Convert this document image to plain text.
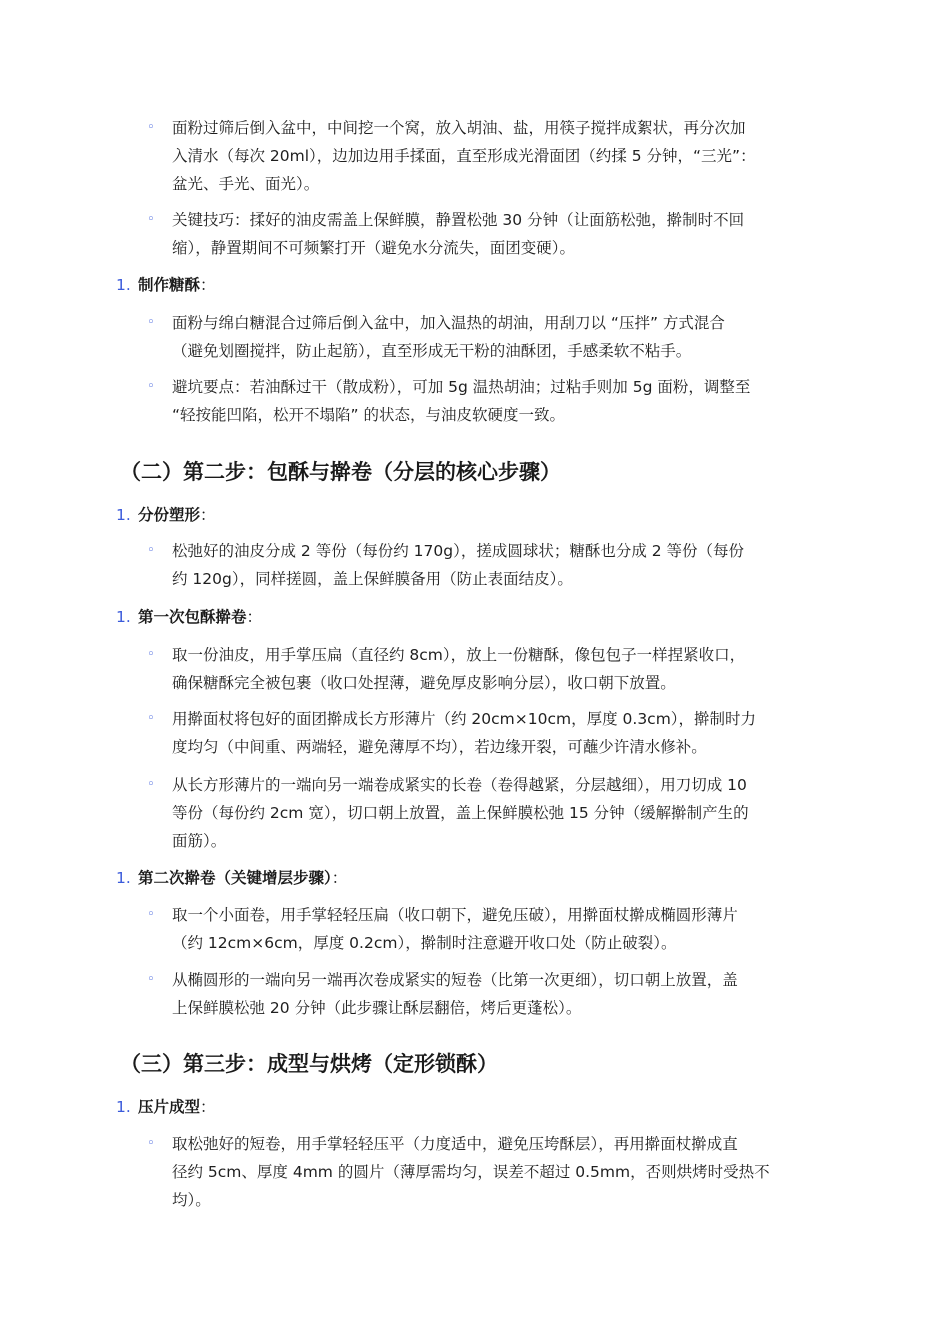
◦	面粉过筛后倒入盆中，中间挖一个窝，放入胡油、盐，用筷子搅拌成絮状，再分次加
入清水（每次 20ml），边加边用手揉面，直至形成光滑面团（约揉 5 分钟，“三光”：
盆光、手光、面光）。
◦	关键技巧：揉好的油皮需盖上保鲜膜，静置松弛 30 分钟（让面筋松弛，擀制时不回
缩），静置期间不可频繁打开（避免水分流失，面团变硬）。
1. 制作糖酥：
◦	面粉与绵白糖混合过筛后倒入盆中，加入温热的胡油，用刮刀以 “压拌” 方式混合
（避免划圈搅拌，防止起筋），直至形成无干粉的油酥团，手感柔软不粘手。
◦	避坑要点：若油酥过干（散成粉），可加 5g 温热胡油；过粘手则加 5g 面粉，调整至
“轻按能凹陷，松开不塌陷” 的状态，与油皮软硬度一致。
（二）第二步：包酥与擀卷（分层的核心步骤）
1. 分份塑形：
◦	松弛好的油皮分成 2 等份（每份约 170g），搓成圆球状；糖酥也分成 2 等份（每份
约 120g），同样搓圆，盖上保鲜膜备用（防止表面结皮）。
1. 第一次包酥擀卷：
◦	取一份油皮，用手掌压扁（直径约 8cm），放上一份糖酥，像包包子一样捏紧收口，
确保糖酥完全被包裹（收口处捏薄，避免厚皮影响分层），收口朝下放置。
◦	用擀面杖将包好的面团擀成长方形薄片（约 20cm×10cm，厚度 0.3cm），擀制时力
度均匀（中间重、两端轻，避免薄厚不均），若边缘开裂，可蘸少许清水修补。
◦	从长方形薄片的一端向另一端卷成紧实的长卷（卷得越紧，分层越细），用刀切成 10
等份（每份约 2cm 宽），切口朝上放置，盖上保鲜膜松弛 15 分钟（缓解擀制产生的
面筋）。
1. 第二次擀卷（关键增层步骤）：
◦	取一个小面卷，用手掌轻轻压扁（收口朝下，避免压破），用擀面杖擀成椭圆形薄片
（约 12cm×6cm，厚度 0.2cm），擀制时注意避开收口处（防止破裂）。
◦	从椭圆形的一端向另一端再次卷成紧实的短卷（比第一次更细），切口朝上放置，盖
上保鲜膜松弛 20 分钟（此步骤让酥层翻倍，烤后更蓬松）。
（三）第三步：成型与烘烤（定形锁酥）
1. 压片成型：
◦	取松弛好的短卷，用手掌轻轻压平（力度适中，避免压垮酥层），再用擀面杖擀成直
径约 5cm、厚度 4mm 的圆片（薄厚需均匀，误差不超过 0.5mm，否则烘烤时受热不
均）。
